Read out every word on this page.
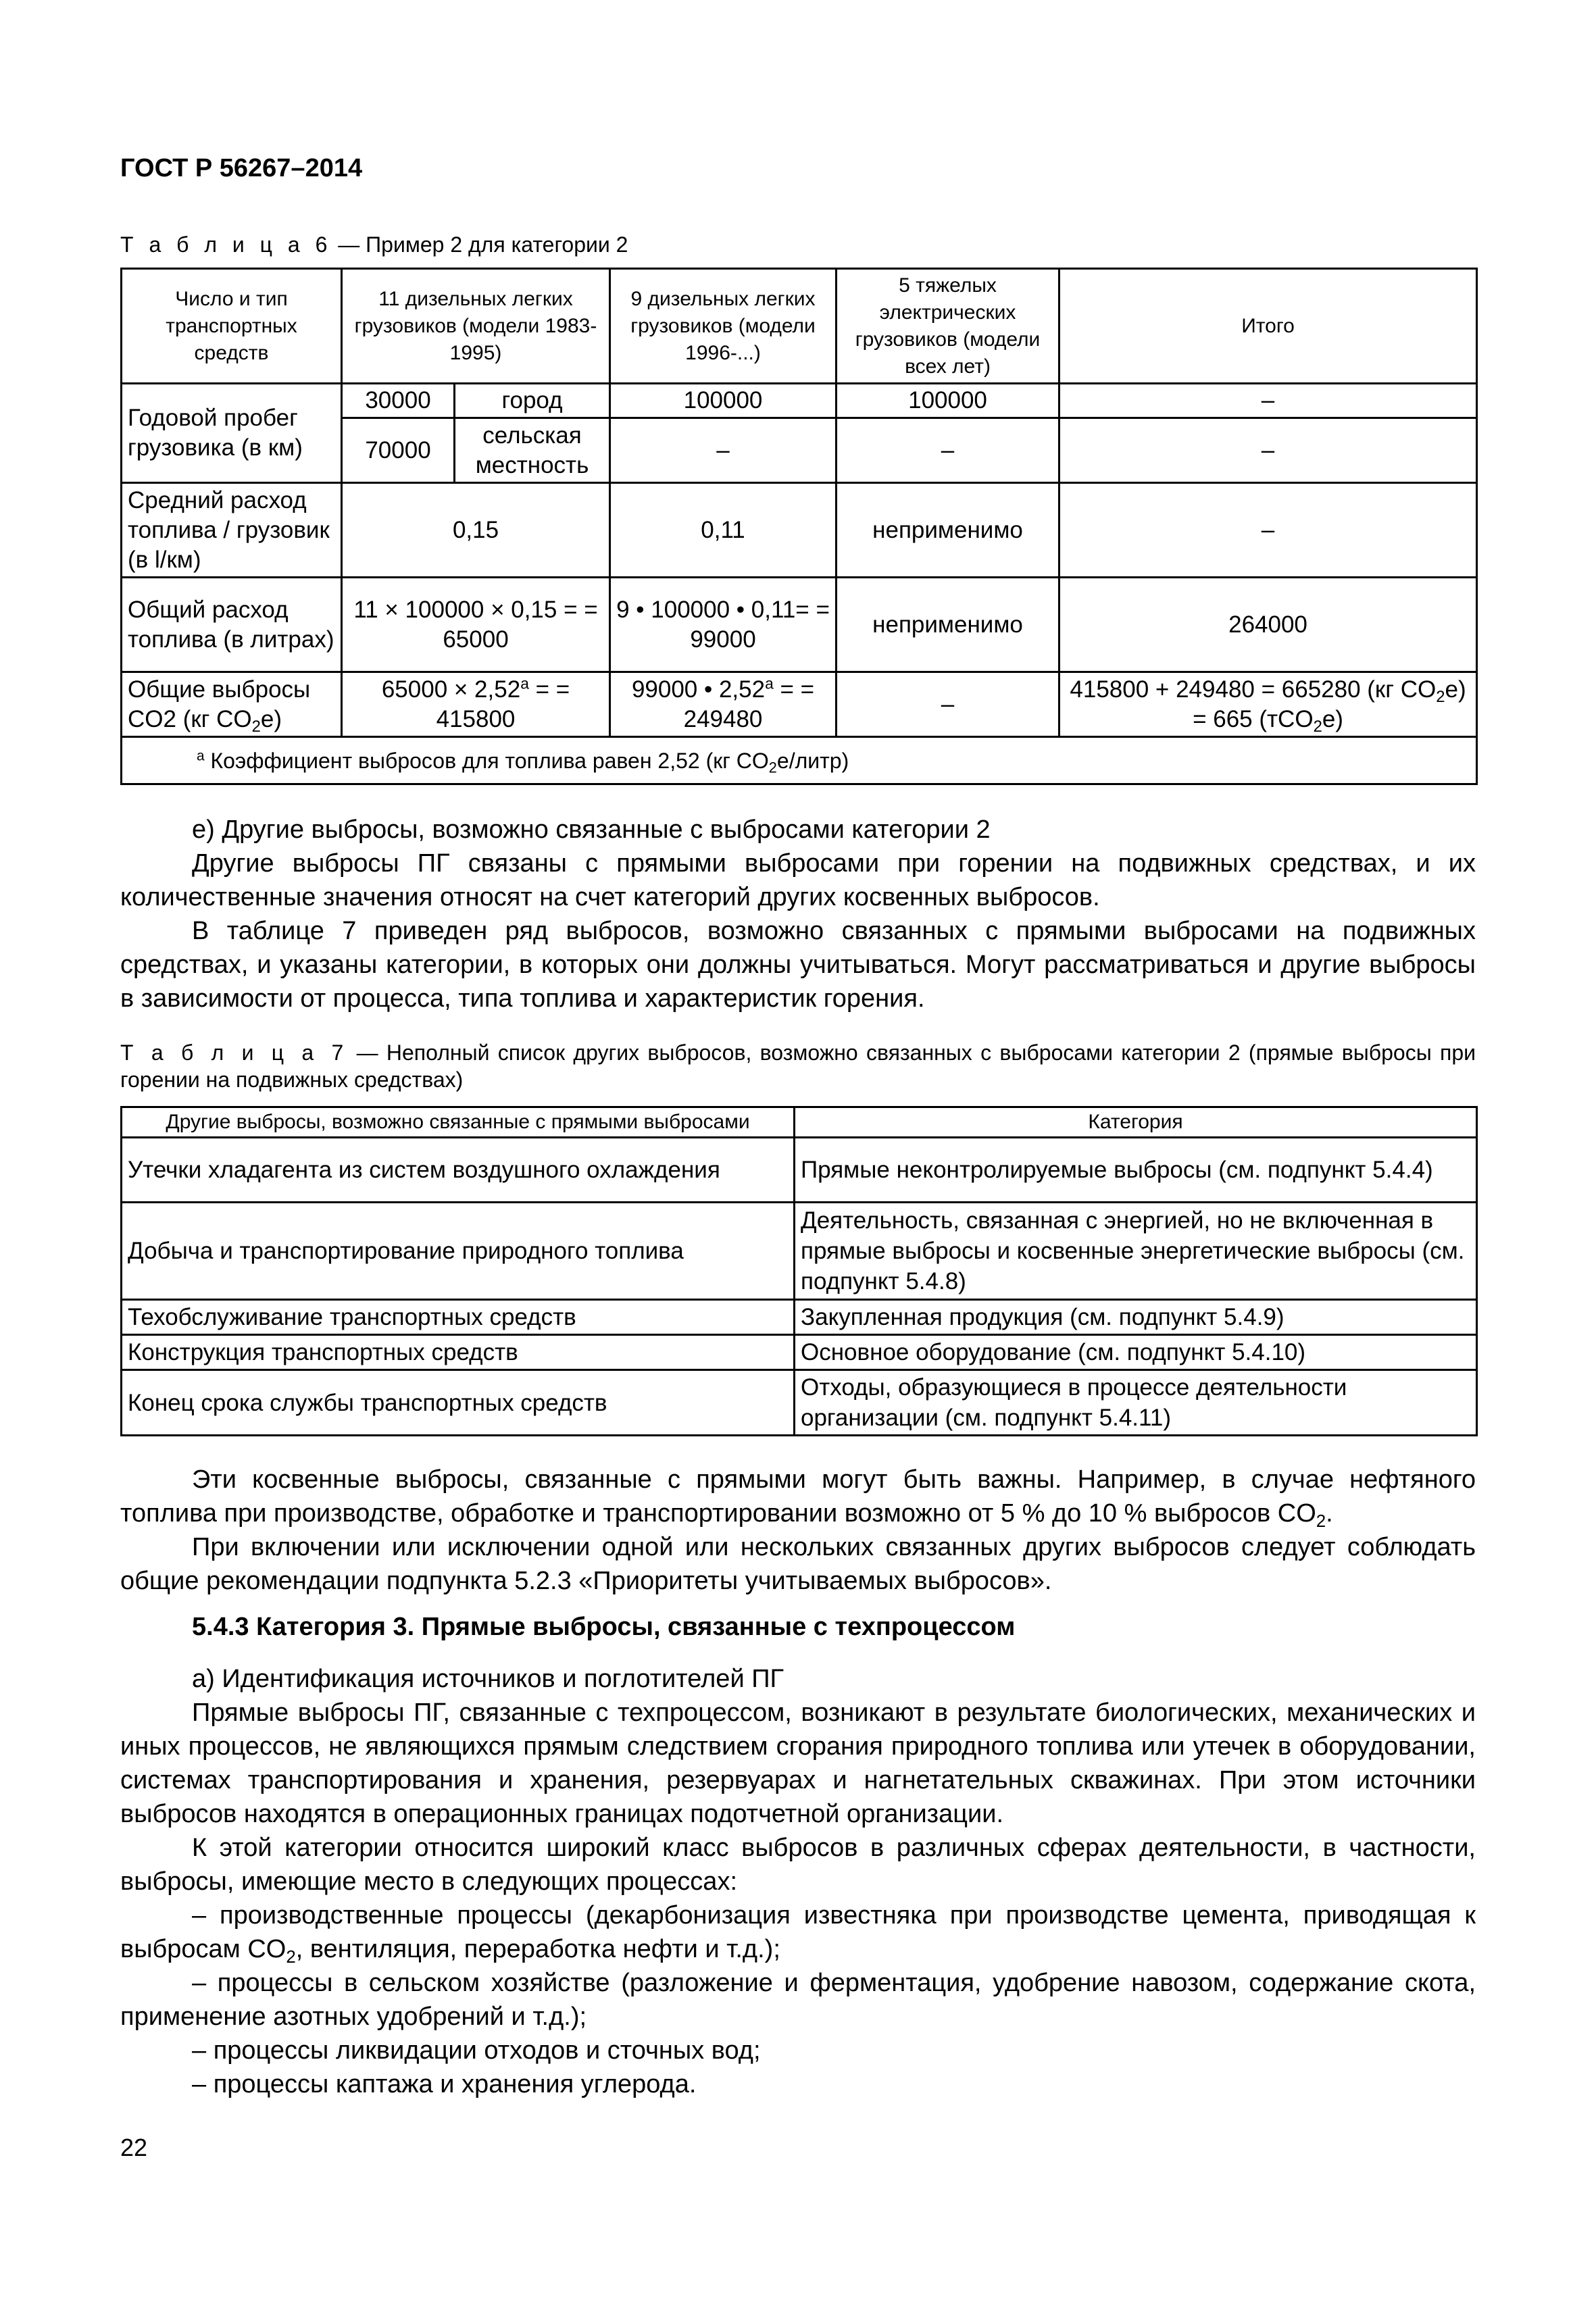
ГОСТ Р 56267–2014
Т а б л и ц а 6 — Пример 2 для категории 2
Число и тип транспортных средств	11 дизельных легких грузовиков (модели 1983-1995)		9 дизельных легких грузовиков (модели 1996-...)	5 тяжелых электрических грузовиков (модели всех лет)	Итого
Годовой пробег грузовика (в км)	30000	город	100000	100000	–
	70000	сельская местность	–	–	–
Средний расход топлива / грузовик (в l/км)	0,15		0,11	неприменимо	–
Общий расход топлива (в литрах)	11 × 100000 × 0,15 = = 65000		9 • 100000 • 0,11= = 99000	неприменимо	264000
Общие выбросы CO2 (кг $CO_2е$)	65000 × 2,52$^a$ = = 415800		99000 • 2,52$^a$ = = 249480	–	415800 + 249480 = 665280 (кг $CO_2е) = 665$ (тCO$_2$е)
$^a$ Коэффициент выбросов для топлива равен 2,52 (кг $CO_2е/литр$)					
е) Другие выбросы, возможно связанные с выбросами категории 2
Другие выбросы ПГ связаны с прямыми выбросами при горении на подвижных средствах, и их количественные значения относят на счет категорий других косвенных выбросов.
В таблице 7 приведен ряд выбросов, возможно связанных с прямыми выбросами на подвижных средствах, и указаны категории, в которых они должны учитываться. Могут рассматриваться и другие выбросы в зависимости от процесса, типа топлива и характеристик горения.
Т а б л и ц а 7 — Неполный список других выбросов, возможно связанных с выбросами категории 2 (прямые выбросы при горении на подвижных средствах)
Другие выбросы, возможно связанные с прямыми выбросами	Категория
Утечки хладагента из систем воздушного охлаждения	Прямые неконтролируемые выбросы (см. подпункт 5.4.4)
Добыча и транспортирование природного топлива	Деятельность, связанная с энергией, но не включенная в прямые выбросы и косвенные энергетические выбросы (см. подпункт 5.4.8)
Техобслуживание транспортных средств	Закупленная продукция (см. подпункт 5.4.9)
Конструкция транспортных средств	Основное оборудование (см. подпункт 5.4.10)
Конец срока службы транспортных средств	Отходы, образующиеся в процессе деятельности организации (см. подпункт 5.4.11)
Эти косвенные выбросы, связанные с прямыми могут быть важны. Например, в случае нефтяного топлива при производстве, обработке и транспортировании возможно от 5 % до 10 % выбросов $CO_2$.
При включении или исключении одной или нескольких связанных других выбросов следует соблюдать общие рекомендации подпункта 5.2.3 «Приоритеты учитываемых выбросов».
5.4.3 Категория 3. Прямые выбросы, связанные с техпроцессом
а) Идентификация источников и поглотителей ПГ
Прямые выбросы ПГ, связанные с техпроцессом, возникают в результате биологических, механических и иных процессов, не являющихся прямым следствием сгорания природного топлива или утечек в оборудовании, системах транспортирования и хранения, резервуарах и нагнетательных скважинах. При этом источники выбросов находятся в операционных границах подотчетной организации.
К этой категории относится широкий класс выбросов в различных сферах деятельности, в частности, выбросы, имеющие место в следующих процессах:
– производственные процессы (декарбонизация известняка при производстве цемента, приводящая к выбросам $CO_2$, вентиляция, переработка нефти и т.д.);
– процессы в сельском хозяйстве (разложение и ферментация, удобрение навозом, содержание скота, применение азотных удобрений и т.д.);
– процессы ликвидации отходов и сточных вод;
– процессы каптажа и хранения углерода.
22
